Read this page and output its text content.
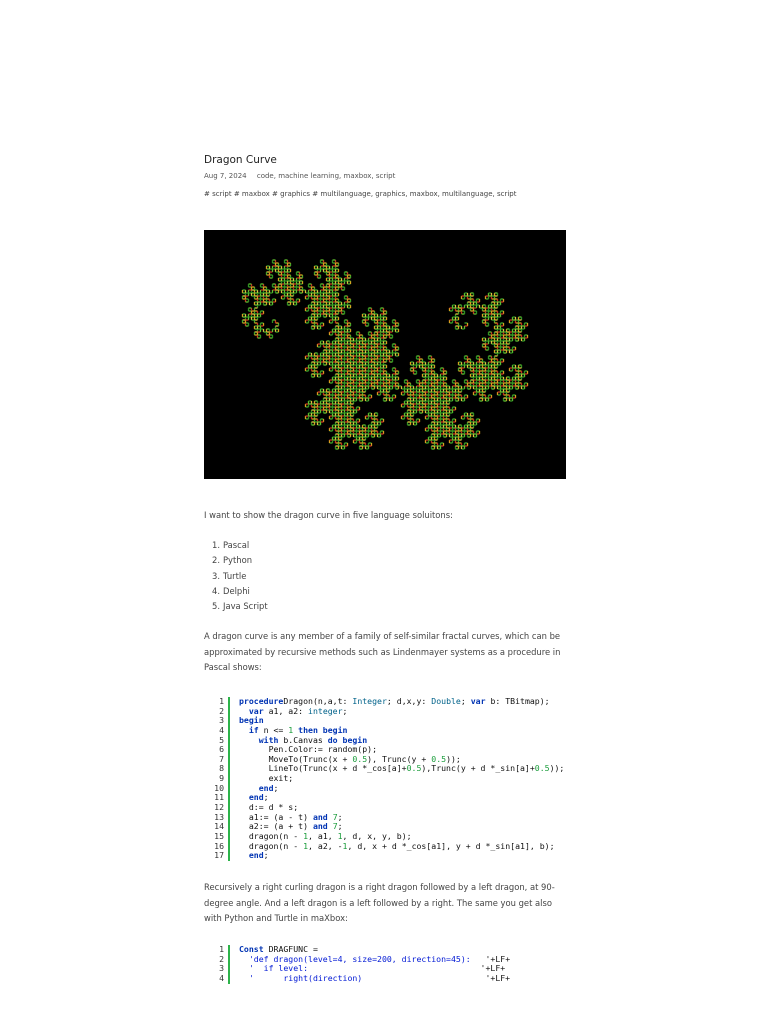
Dragon Curve
Aug 7, 2024 code, machine learning, maxbox, script
# script # maxbox # graphics # multilanguage, graphics, maxbox, multilanguage, script
I want to show the dragon curve in five language soluitons:
1. Pascal
2. Python
3. Turtle
4. Delphi
5. Java Script
A dragon curve is any member of a family of self-similar fractal curves, which can be approximated by recursive methods such as Lindenmayer systems as a procedure in Pascal shows:
1	procedureDragon(n,a,t: Integer; d,x,y: Double; var b: TBitmap);
2	var a1, a2: integer;
3	begin
4	if n <= 1 then begin
5	with b.Canvas do begin
6	Pen.Color:= random(p);
7	MoveTo(Trunc(x + 0.5), Trunc(y + 0.5));
8	LineTo(Trunc(x + d *_cos[a]+0.5),Trunc(y + d *_sin[a]+0.5));
9	exit;
10	end;
11	end;
12	d:= d * s;
13	a1:= (a - t) and 7;
14	a2:= (a + t) and 7;
15	dragon(n - 1, a1, 1, d, x, y, b);
16	dragon(n - 1, a2, -1, d, x + d *_cos[a1], y + d *_sin[a1], b);
17	end;
Recursively a right curling dragon is a right dragon followed by a left dragon, at 90-degree angle. And a left dragon is a left followed by a right. The same you get also with Python and Turtle in maXbox:
1	Const DRAGFUNC =
2	'def dragon(level=4, size=200, direction=45):   '+LF+
3	'  if level:                                   '+LF+
4	'      right(direction)                         '+LF+
